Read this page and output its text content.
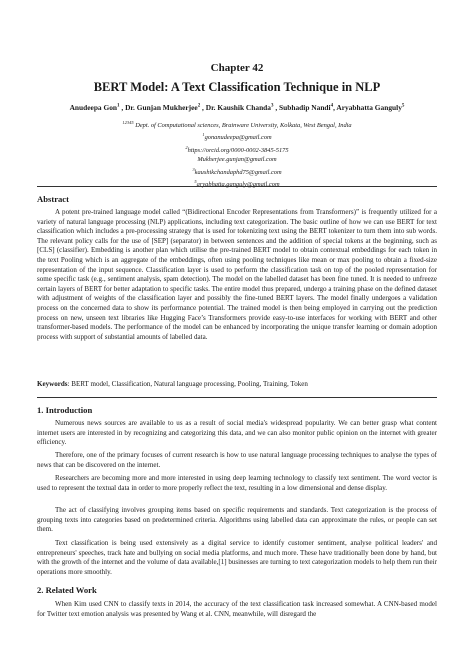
Chapter 42
BERT Model: A Text Classification Technique in NLP
Anudeepa Gon$^1$ , Dr. Gunjan Mukherjee$^2$ , Dr. Kaushik Chanda$^3$ , Subhadip Nandi$^4$, Aryabhatta Ganguly$^5$
$^{12345}$ Dept. of Computational sciences, Brainware University, Kolkata, West Bengal, India
$^1$gonanudeepa@gmail.com
$^2$https://orcid.org/0000-0002-3845-5175
Mukherjee.gunjan@gmail.com
$^3$kaushikchandaphd75@gmail.com
$^5$aryabhatta.ganguly@gmail.com
Abstract

A potent pre-trained language model called “(Bidirectional Encoder Representations from Transformers)” is frequently utilized for a variety of natural language processing (NLP) applications, including text categorization. The basic outline of how we can use BERT for text classification which includes a pre-processing strategy that is used for tokenizing text using the BERT tokenizer to turn them into sub words. The relevant policy calls for the use of [SEP] (separator) in between sentences and the addition of special tokens at the beginning, such as [CLS] (classifier). Embedding is another plan which utilise the pre-trained BERT model to obtain contextual embeddings for each token in the text Pooling which is an aggregate of the embeddings, often using pooling techniques like mean or max pooling to obtain a fixed-size representation of the input sequence. Classification layer is used to perform the classification task on top of the pooled representation for some specific task (e.g., sentiment analysis, spam detection). The model on the labelled dataset has been fine tuned. It is needed to unfreeze certain layers of BERT for better adaptation to specific tasks. The entire model thus prepared, undergo a training phase on the defined dataset with adjustment of weights of the classification layer and possibly the fine-tuned BERT layers. The model finally undergoes a validation process on the concerned data to show its performance potential. The trained model is then being employed in carrying out the prediction process on new, unseen text libraries like Hugging Face’s Transformers provide easy-to-use interfaces for working with BERT and other transformer-based models. The performance of the model can be enhanced by incorporating the unique transfer learning or domain adoption process with support of substantial amounts of labelled data.

Keywords: BERT model, Classification, Natural language processing, Pooling, Training, Token

1. Introduction

Numerous news sources are available to us as a result of social media's widespread popularity. We can better grasp what content internet users are interested in by recognizing and categorizing this data, and we can also monitor public opinion on the internet with greater efficiency.

Therefore, one of the primary focuses of current research is how to use natural language processing techniques to analyse the types of news that can be discovered on the internet.

Researchers are becoming more and more interested in using deep learning technology to classify text sentiment. The word vector is used to represent the textual data in order to more properly reflect the text, resulting in a low dimensional and dense display.

The act of classifying involves grouping items based on specific requirements and standards. Text categorization is the process of grouping texts into categories based on predetermined criteria. Algorithms using labelled data can approximate the rules, or people can set them.

Text classification is being used extensively as a digital service to identify customer sentiment, analyse political leaders' and entrepreneurs' speeches, track hate and bullying on social media platforms, and much more. These have traditionally been done by hand, but with the growth of the internet and the volume of data available,[1] businesses are turning to text categorization models to help them run their operations more smoothly.

2. Related Work

When Kim used CNN to classify texts in 2014, the accuracy of the text classification task increased somewhat. A CNN-based model for Twitter text emotion analysis was presented by Wang et al. CNN, meanwhile, will disregard the
